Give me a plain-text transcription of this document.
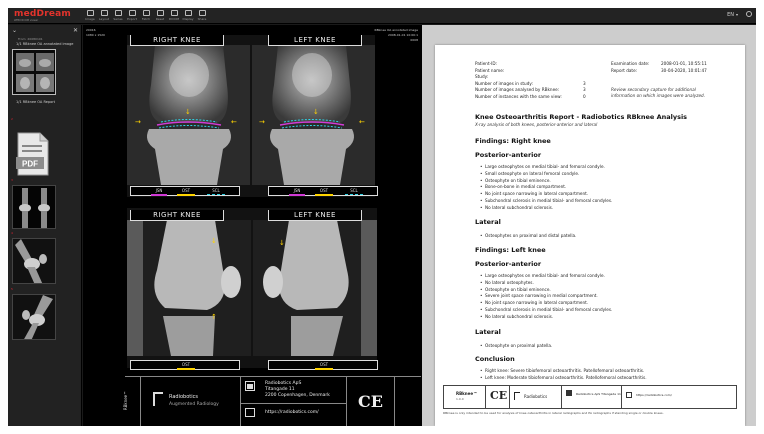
medDream
WEB DICOM viewer	Image	Layout	Series	Export	Fetch	Reset	DICOM Display	Share
EN ▾
⌄	✕
From: 20080101
1/1 RBknee OA annotated image
1/1 RBknee OA Report
2
PDF
3
4
5
20016
1080 x 1520
RBknee OA annotated image
2008-01-01 10:00:1
0008
→
↓
←	→
↓
←
RIGHT KNEE	LEFT KNEE
JSN	OST	SCL	JSN	OST	SCL
↓
↑
↓
RIGHT KNEE	LEFT KNEE
OST	OST
RBknee™	Radiobotics
Augmented Radiology
Radiobotics ApS
Titangade 11
2200 Copenhagen, Denmark
https://radiobotics.com/
CE
Patient-ID:
Patient name:
Study:
Number of images in study:	3
Number of images analysed by RBknee:	3
Number of instances with the same view:	0
Examination date:	2008-01-01, 10:55:11
Report date:	30-04-2020, 10:01:47
Review secondary capture for additional
information on which images were analyzed.
Knee Osteoarthritis Report - Radiobotics RBknee Analysis
X-ray analysis of both knees, posterior-anterior and lateral
Findings: Right knee
Posterior-anterior
• Large osteophytes on medial tibial- and femoral condyle.
• Small osteophyte on lateral femoral condyle.
• Osteophyte on tibial eminence.
• Bone-on-bone in medial compartment.
• No joint space narrowing in lateral compartment.
• Subchondral sclerosis in medial tibial- and femoral condyles.
• No lateral subchondral sclerosis.
Lateral
• Osteophytes on proximal and distal patella.
Findings: Left knee
Posterior-anterior
• Large osteophytes on medial tibial- and femoral condyle.
• No lateral osteophytes.
• Osteophyte on tibial eminence.
• Severe joint space narrowing in medial compartment.
• No joint space narrowing in lateral compartment.
• Subchondral sclerosis in medial tibial- and femoral condyles.
• No lateral subchondral sclerosis.
Lateral
• Osteophyte on proximal patella.
Conclusion
• Right knee: Severe tibiofemoral osteoarthritis. Patellofemoral osteoarthritis.
• Left knee: Moderate tibiofemoral osteoarthritis. Patellofemoral osteoarthritis.
RBknee™
1.0.0 CE	Radiobotics	Radiobotics ApS Titangade 11	https://radiobotics.com/
RBknee is only intended to be used for analysis of knee osteoarthritis in lateral radiographs and PA radiographs if standing single or double knees.
